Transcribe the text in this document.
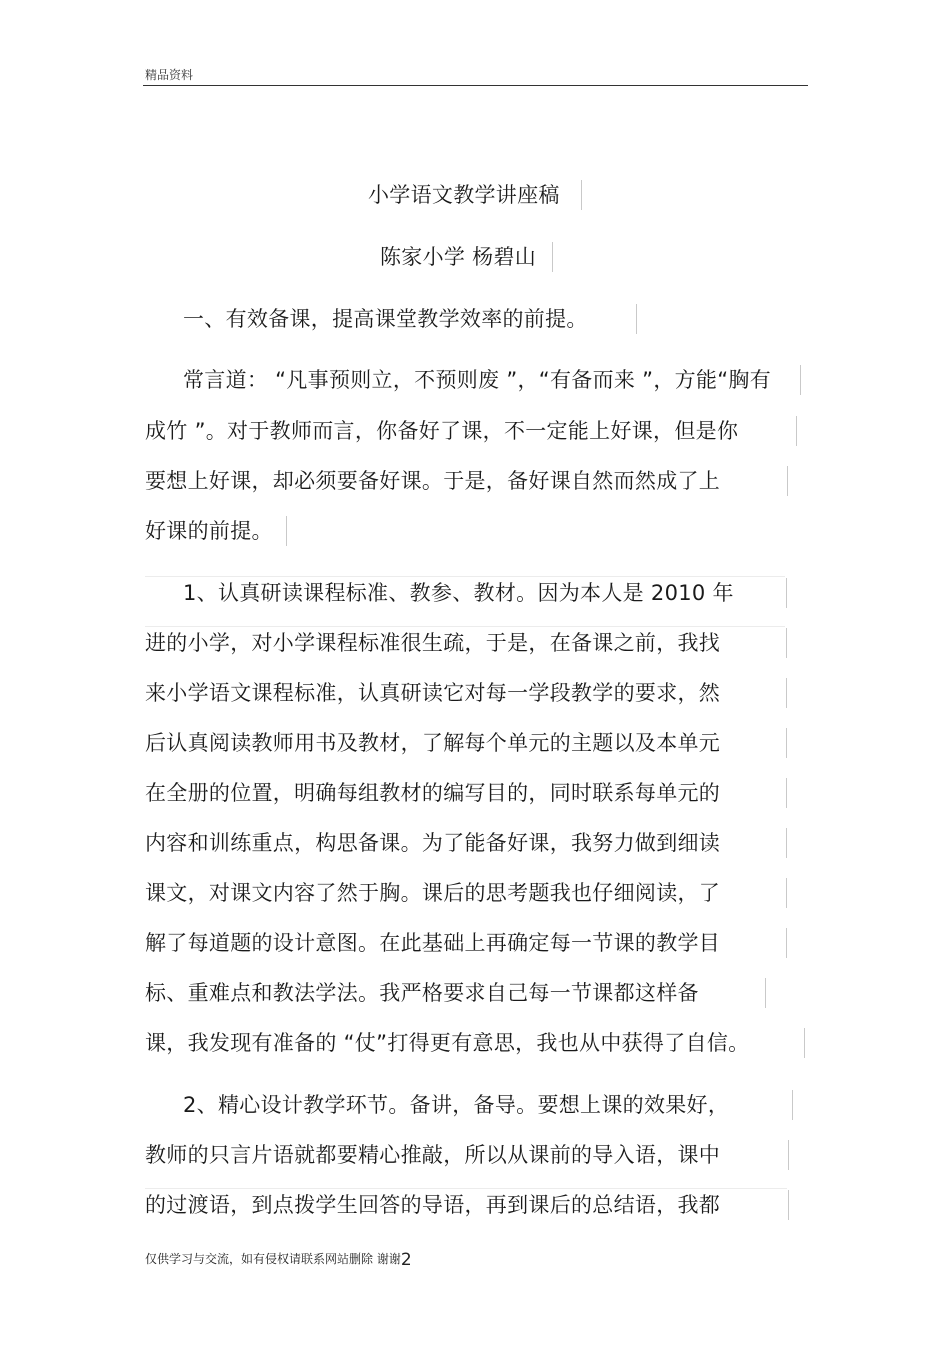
精品资料
小学语文教学讲座稿
陈家小学 杨碧山
一、有效备课，提高课堂教学效率的前提。
常言道： “凡事预则立，不预则废 ”，“有备而来 ”，方能“胸有
成竹 ”。对于教师而言，你备好了课，不一定能上好课，但是你
要想上好课，却必须要备好课。于是，备好课自然而然成了上
好课的前提。
1、认真研读课程标准、教参、教材。因为本人是 2010 年
进的小学，对小学课程标准很生疏，于是，在备课之前，我找
来小学语文课程标准，认真研读它对每一学段教学的要求，然
后认真阅读教师用书及教材，了解每个单元的主题以及本单元
在全册的位置，明确每组教材的编写目的，同时联系每单元的
内容和训练重点，构思备课。为了能备好课，我努力做到细读
课文，对课文内容了然于胸。课后的思考题我也仔细阅读，了
解了每道题的设计意图。在此基础上再确定每一节课的教学目
标、重难点和教法学法。我严格要求自己每一节课都这样备
课，我发现有准备的 “仗”打得更有意思，我也从中获得了自信。
2、精心设计教学环节。备讲，备导。要想上课的效果好，
教师的只言片语就都要精心推敲，所以从课前的导入语，课中
的过渡语，到点拨学生回答的导语，再到课后的总结语，我都
仅供学习与交流，如有侵权请联系网站删除 谢谢2
